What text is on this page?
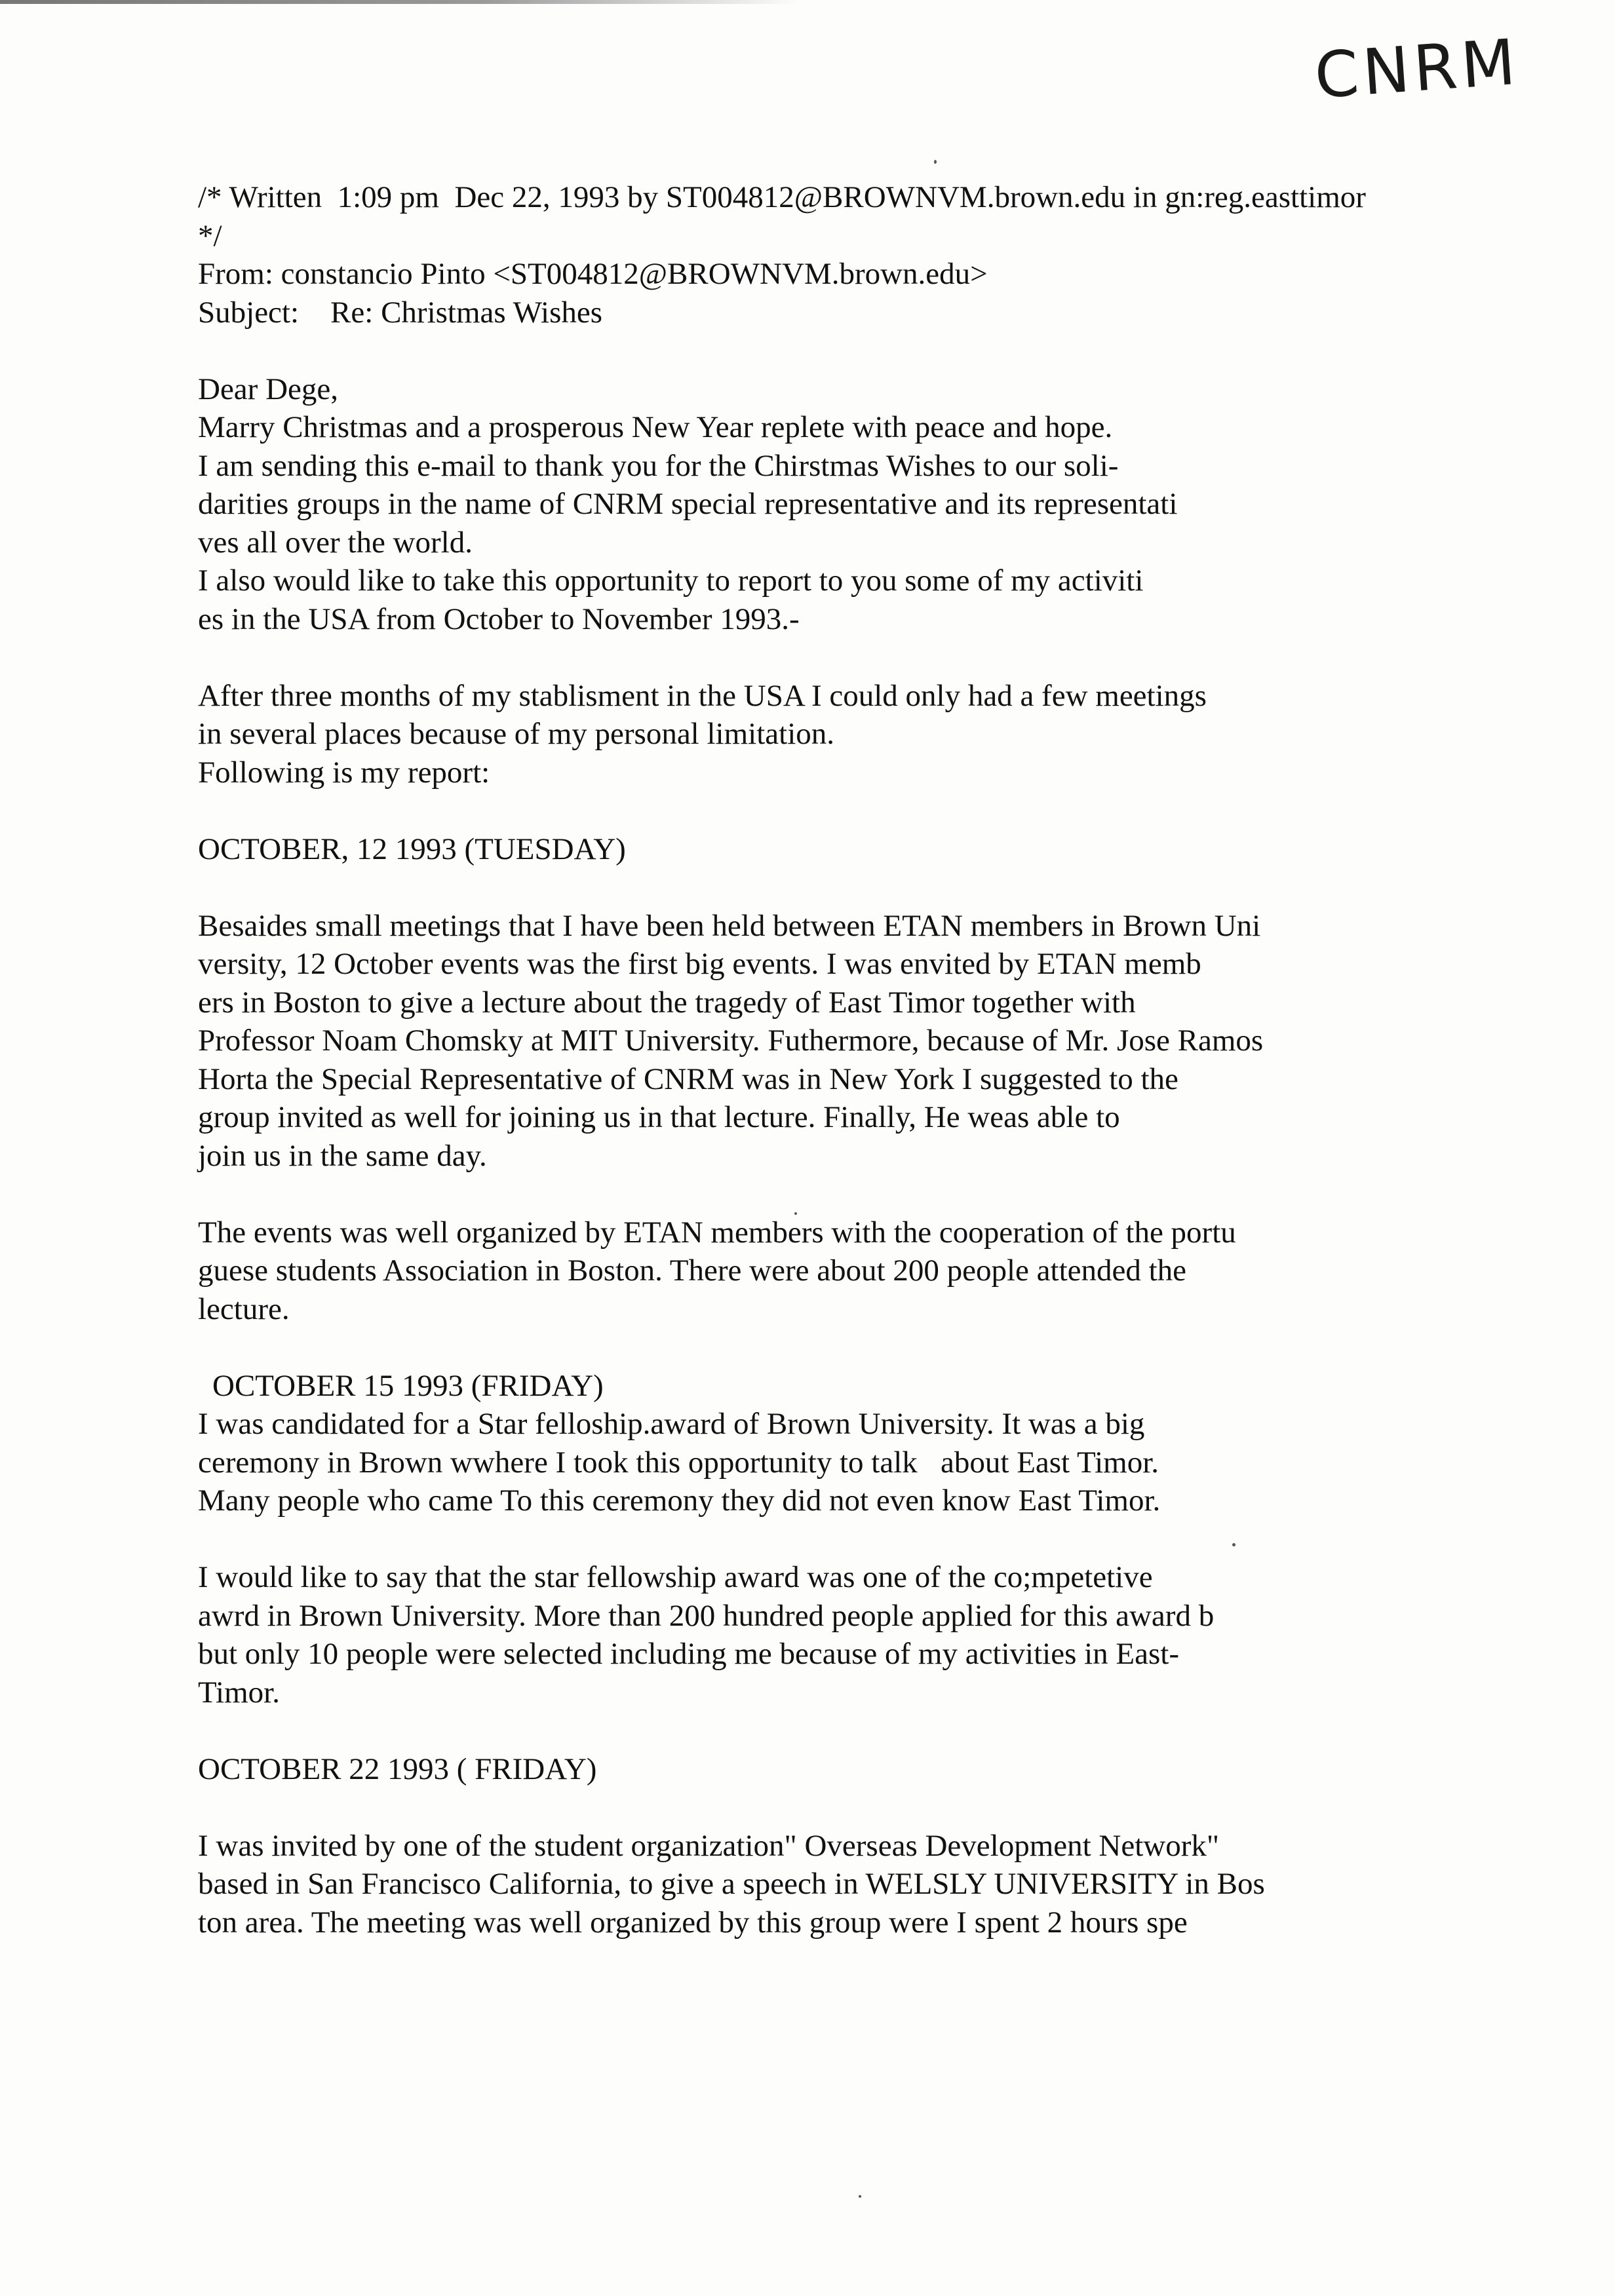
CNRM
/* Written  1:09 pm  Dec 22, 1993 by ST004812@BROWNVM.brown.edu in gn:reg.easttimor
*/
From: constancio Pinto <ST004812@BROWNVM.brown.edu>
Subject: Re: Christmas Wishes
Dear Dege,
Marry Christmas and a prosperous New Year replete with peace and hope.
I am sending this e-mail to thank you for the Chirstmas Wishes to our soli-
darities groups in the name of CNRM special representative and its representati
ves all over the world.
I also would like to take this opportunity to report to you some of my activiti
es in the USA from October to November 1993.-
After three months of my stablisment in the USA I could only had a few meetings
in several places because of my personal limitation.
Following is my report:
OCTOBER, 12 1993 (TUESDAY)
Besaides small meetings that I have been held between ETAN members in Brown Uni
versity, 12 October events was the first big events. I was envited by ETAN memb
ers in Boston to give a lecture about the tragedy of East Timor together with
Professor Noam Chomsky at MIT University. Futhermore, because of Mr. Jose Ramos
Horta the Special Representative of CNRM was in New York I suggested to the
group invited as well for joining us in that lecture. Finally, He weas able to
join us in the same day.
The events was well organized by ETAN members with the cooperation of the portu
guese students Association in Boston. There were about 200 people attended the
lecture.
OCTOBER 15 1993 (FRIDAY)
I was candidated for a Star felloship.award of Brown University. It was a big
ceremony in Brown wwhere I took this opportunity to talk   about East Timor.
Many people who came To this ceremony they did not even know East Timor.
I would like to say that the star fellowship award was one of the co;mpetetive
awrd in Brown University. More than 200 hundred people applied for this award b
but only 10 people were selected including me because of my activities in East-
Timor.
OCTOBER 22 1993 ( FRIDAY)
I was invited by one of the student organization" Overseas Development Network"
based in San Francisco California, to give a speech in WELSLY UNIVERSITY in Bos
ton area. The meeting was well organized by this group were I spent 2 hours spe
